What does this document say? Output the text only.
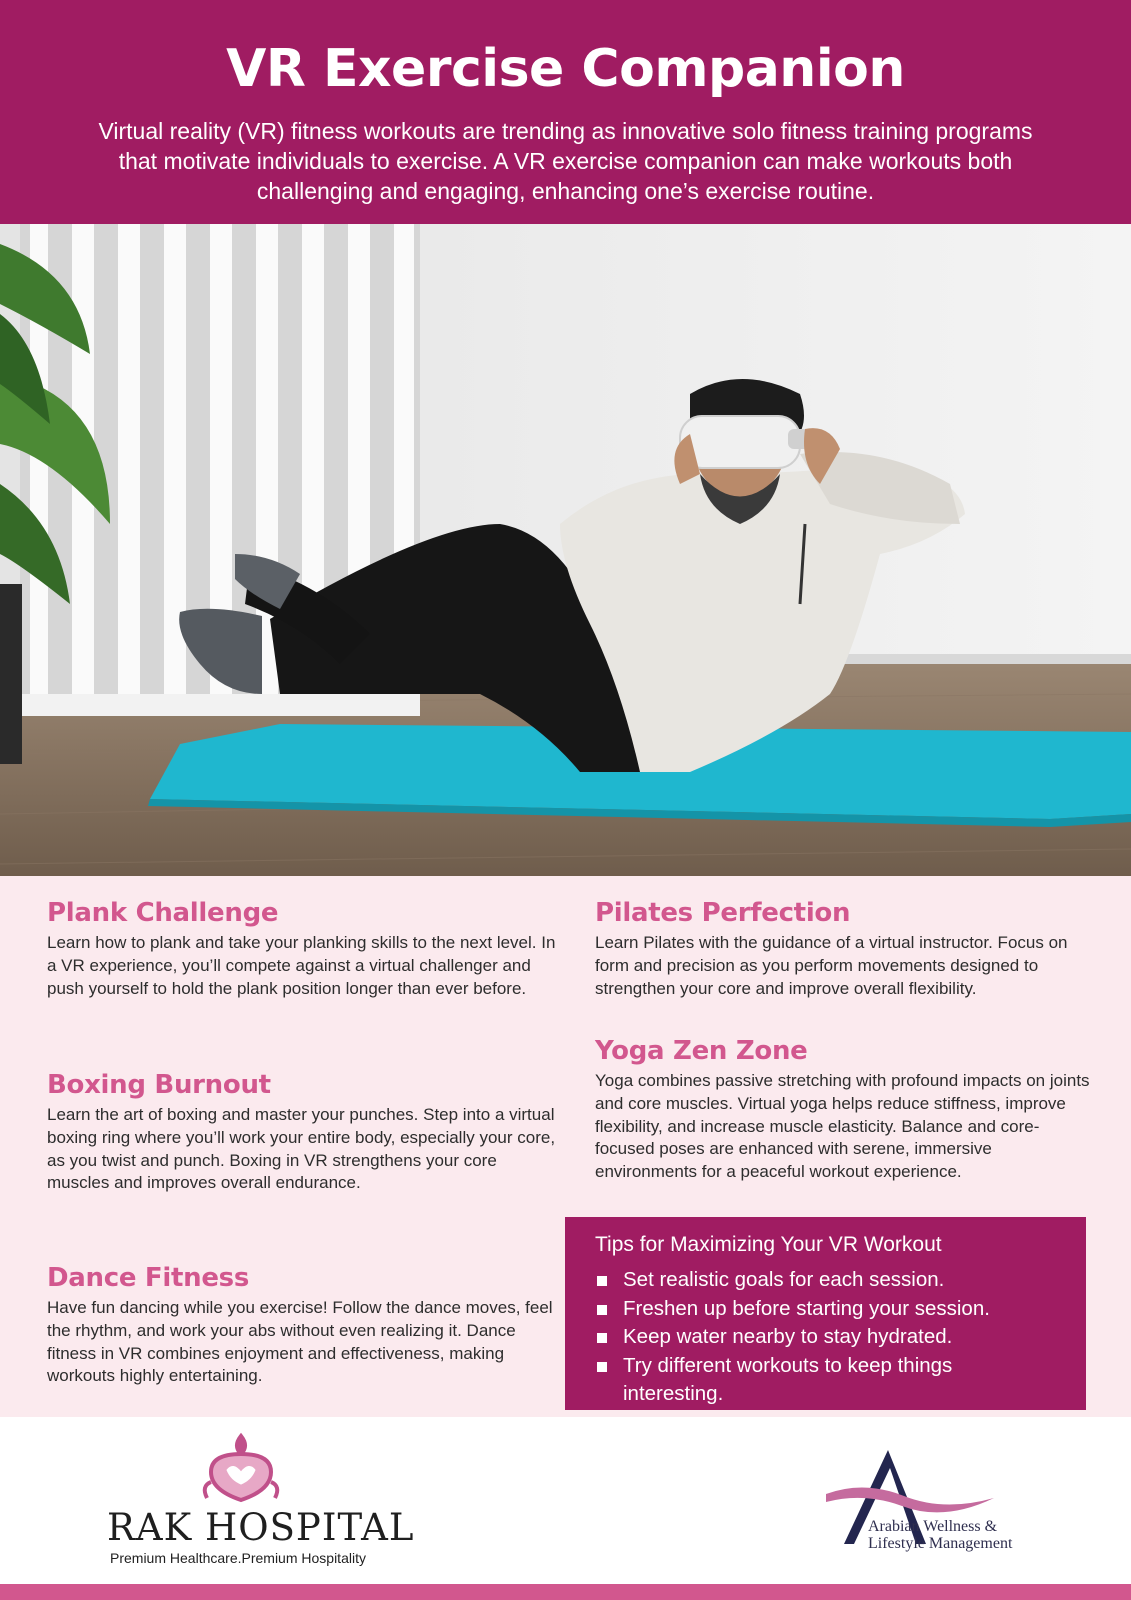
VR Exercise Companion

Virtual reality (VR) fitness workouts are trending as innovative solo fitness training programs that motivate individuals to exercise. A VR exercise companion can make workouts both challenging and engaging, enhancing one’s exercise routine.

Plank Challenge

Learn how to plank and take your planking skills to the next level. In a VR experience, you’ll compete against a virtual challenger and push yourself to hold the plank position longer than ever before.

Boxing Burnout

Learn the art of boxing and master your punches. Step into a virtual boxing ring where you’ll work your entire body, especially your core, as you twist and punch. Boxing in VR strengthens your core muscles and improves overall endurance.

Dance Fitness

Have fun dancing while you exercise! Follow the dance moves, feel the rhythm, and work your abs without even realizing it. Dance fitness in VR combines enjoyment and effectiveness, making workouts highly entertaining.

Pilates Perfection

Learn Pilates with the guidance of a virtual instructor. Focus on form and precision as you perform movements designed to strengthen your core and improve overall flexibility.

Yoga Zen Zone

Yoga combines passive stretching with profound impacts on joints and core muscles. Virtual yoga helps reduce stiffness, improve flexibility, and increase muscle elasticity. Balance and core-focused poses are enhanced with serene, immersive environments for a peaceful workout experience.

Tips for Maximizing Your VR Workout
Set realistic goals for each session.
Freshen up before starting your session.
Keep water nearby to stay hydrated.
Try different workouts to keep things interesting.
RAK HOSPITAL
Premium Healthcare.Premium Hospitality
Arabian Wellness &
Lifestyle Management
